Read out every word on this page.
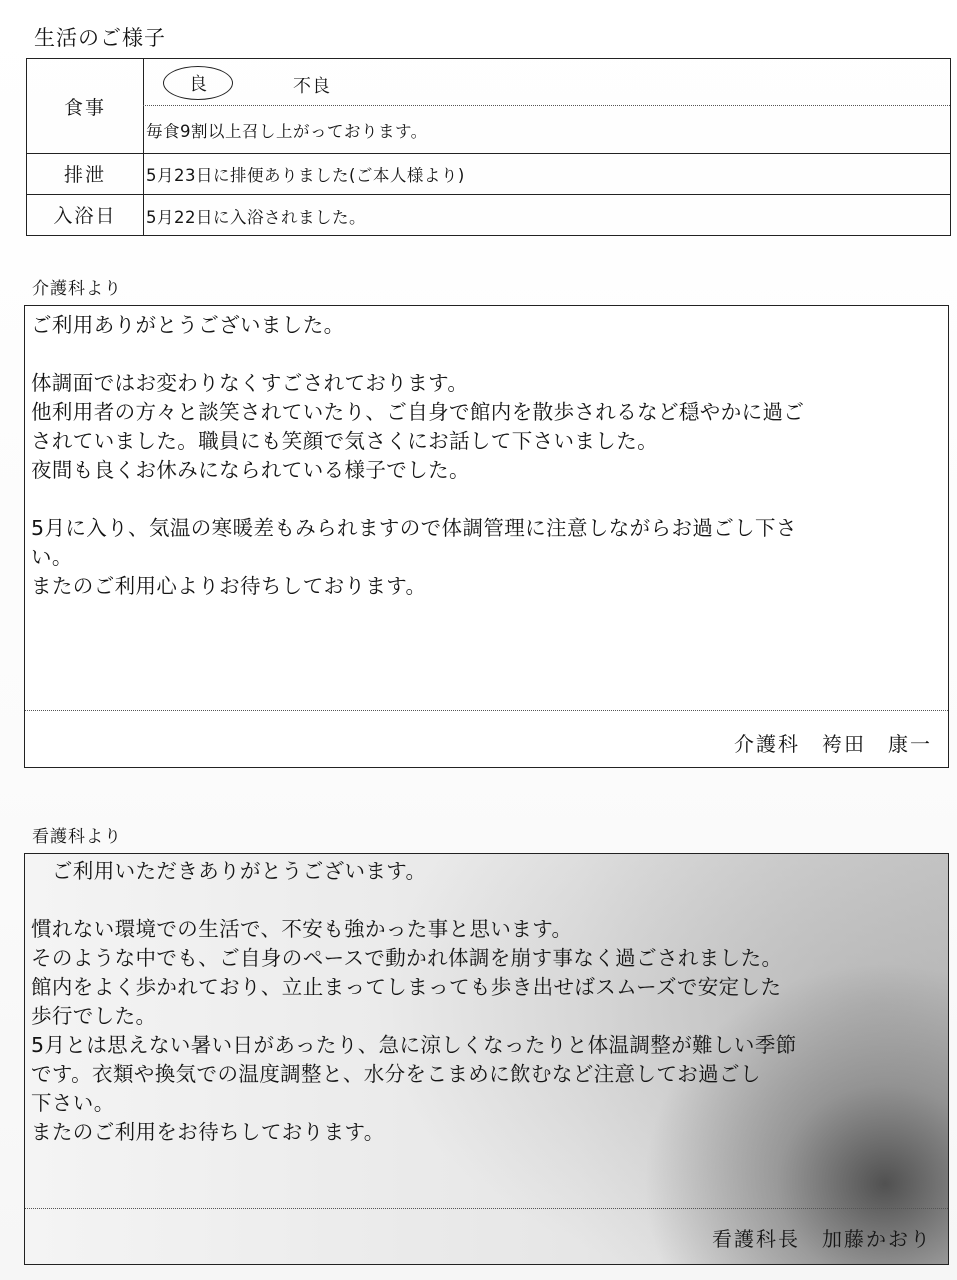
生活のご様子
食事
良	不良
毎食9割以上召し上がっております。
排泄	5月23日に排便ありました(ご本人様より)
入浴日	5月22日に入浴されました。
介護科より
ご利用ありがとうございました。
体調面ではお変わりなくすごされております。
他利用者の方々と談笑されていたり、ご自身で館内を散歩されるなど穏やかに過ご
されていました。職員にも笑顔で気さくにお話して下さいました。
夜間も良くお休みになられている様子でした。
5月に入り、気温の寒暖差もみられますので体調管理に注意しながらお過ごし下さ
い。
またのご利用心よりお待ちしております。
介護科　袴田　康一
看護科より
　ご利用いただきありがとうございます。
慣れない環境での生活で、不安も強かった事と思います。
そのような中でも、ご自身のペースで動かれ体調を崩す事なく過ごされました。
館内をよく歩かれており、立止まってしまっても歩き出せばスムーズで安定した
歩行でした。
5月とは思えない暑い日があったり、急に涼しくなったりと体温調整が難しい季節
です。衣類や換気での温度調整と、水分をこまめに飲むなど注意してお過ごし
下さい。
またのご利用をお待ちしております。
看護科長　加藤かおり
